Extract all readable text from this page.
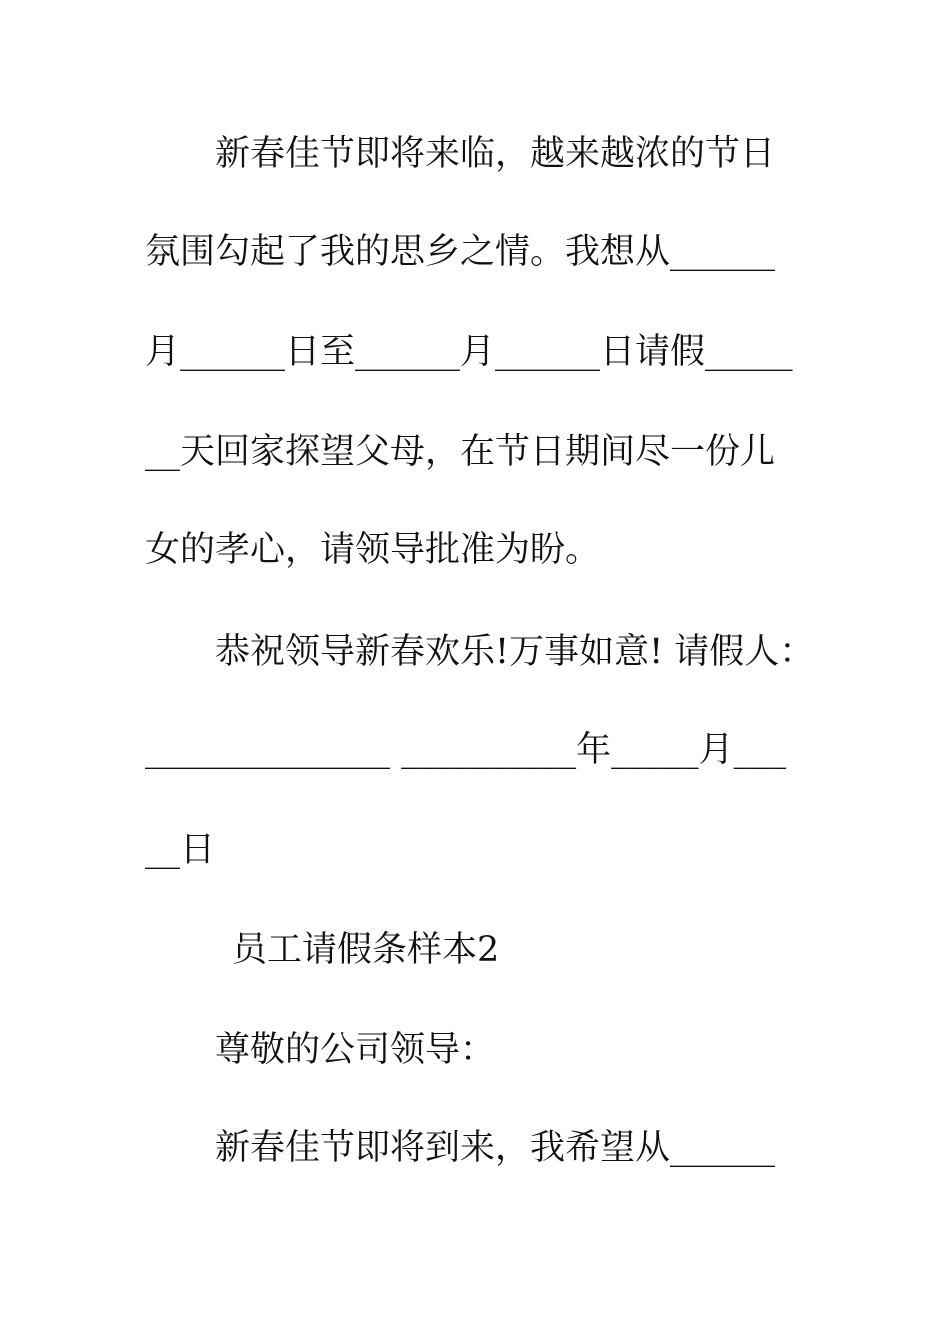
新春佳节即将来临，越来越浓的节日
氛围勾起了我的思乡之情。我想从______
月______日至______月______日请假_____
__天回家探望父母，在节日期间尽一份儿
女的孝心，请领导批准为盼。
恭祝领导新春欢乐!万事如意! 请假人：
______________ __________年_____月___
__日
员工请假条样本2
尊敬的公司领导：
新春佳节即将到来，我希望从______
